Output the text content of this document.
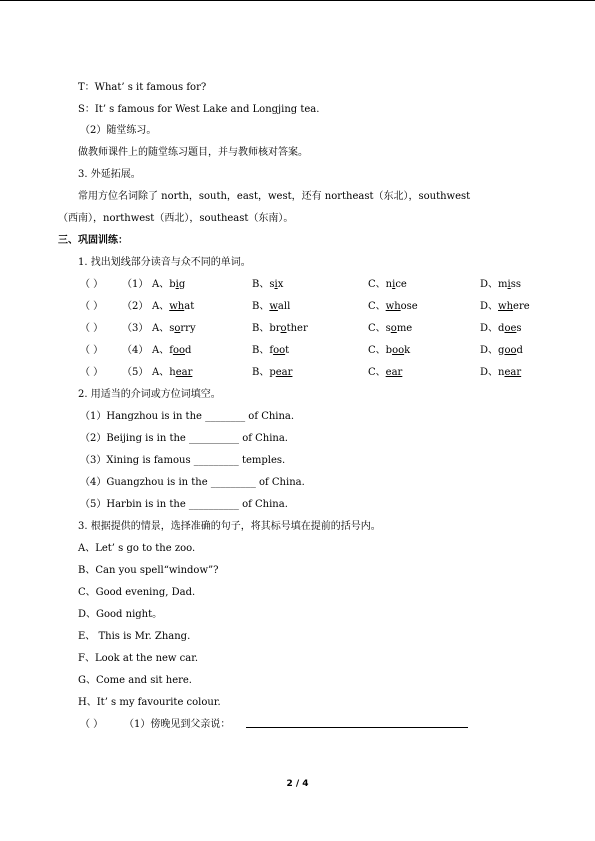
T：What’ s it famous for?
S：It’ s famous for West Lake and Longjing tea.
（2）随堂练习。
做教师课件上的随堂练习题目，并与教师核对答案。
3. 外延拓展。
常用方位名词除了 north，south，east，west，还有 northeast（东北），southwest
（西南），northwest（西北），southeast（东南）。
三、巩固训练：
1. 找出划线部分读音与众不同的单词。
（ ） （1） A、big	B、six	C、nice	D、miss
（ ） （2） A、what	B、wall	C、whose	D、where
（ ） （3） A、sorry	B、brother	C、some	D、does
（ ） （4） A、food	B、foot	C、book	D、good
（ ） （5） A、hear	B、pear	C、ear	D、near
2. 用适当的介词或方位词填空。
（1）Hangzhou is in the ________ of China.
（2）Beijing is in the __________ of China.
（3）Xining is famous _________ temples.
（4）Guangzhou is in the _________ of China.
（5）Harbin is in the __________ of China.
3. 根据提供的情景，选择准确的句子，将其标号填在提前的括号内。
A、Let’ s go to the zoo.
B、Can you spell“window”?
C、Good evening, Dad.
D、Good night。
E、 This is Mr. Zhang.
F、Look at the new car.
G、Come and sit here.
H、It’ s my favourite colour.
（ ） （1）傍晚见到父亲说：
2 / 4
